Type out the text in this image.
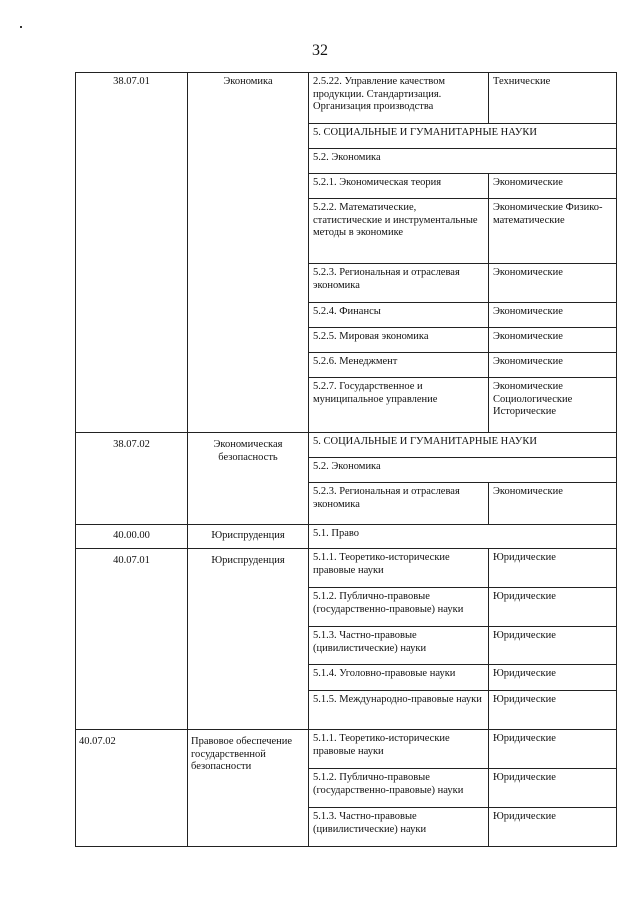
32
38.07.01	Экономика	2.5.22. Управление качеством продукции. Стандартизация. Организация производства	Технические
		5. СОЦИАЛЬНЫЕ И ГУМАНИТАРНЫЕ НАУКИ	
		5.2. Экономика	
		5.2.1. Экономическая теория	Экономические
		5.2.2. Математические, статистические и инструментальные методы в экономике	Экономические Физико-математические
		5.2.3. Региональная и отраслевая экономика	Экономические
		5.2.4. Финансы	Экономические
		5.2.5. Мировая экономика	Экономические
		5.2.6. Менеджмент	Экономические
		5.2.7. Государственное и муниципальное управление	Экономические Социологические Исторические
38.07.02	Экономическая безопасность	5. СОЦИАЛЬНЫЕ И ГУМАНИТАРНЫЕ НАУКИ	
		5.2. Экономика	
		5.2.3. Региональная и отраслевая экономика	Экономические
40.00.00	Юриспруденция	5.1. Право	
40.07.01	Юриспруденция	5.1.1. Теоретико-исторические правовые науки	Юридические
		5.1.2. Публично-правовые (государственно-правовые) науки	Юридические
		5.1.3. Частно-правовые (цивилистические) науки	Юридические
		5.1.4. Уголовно-правовые науки	Юридические
		5.1.5. Международно-правовые науки	Юридические
40.07.02	Правовое обеспечение государственной безопасности	5.1.1. Теоретико-исторические правовые науки	Юридические
		5.1.2. Публично-правовые (государственно-правовые) науки	Юридические
		5.1.3. Частно-правовые (цивилистические) науки	Юридические
